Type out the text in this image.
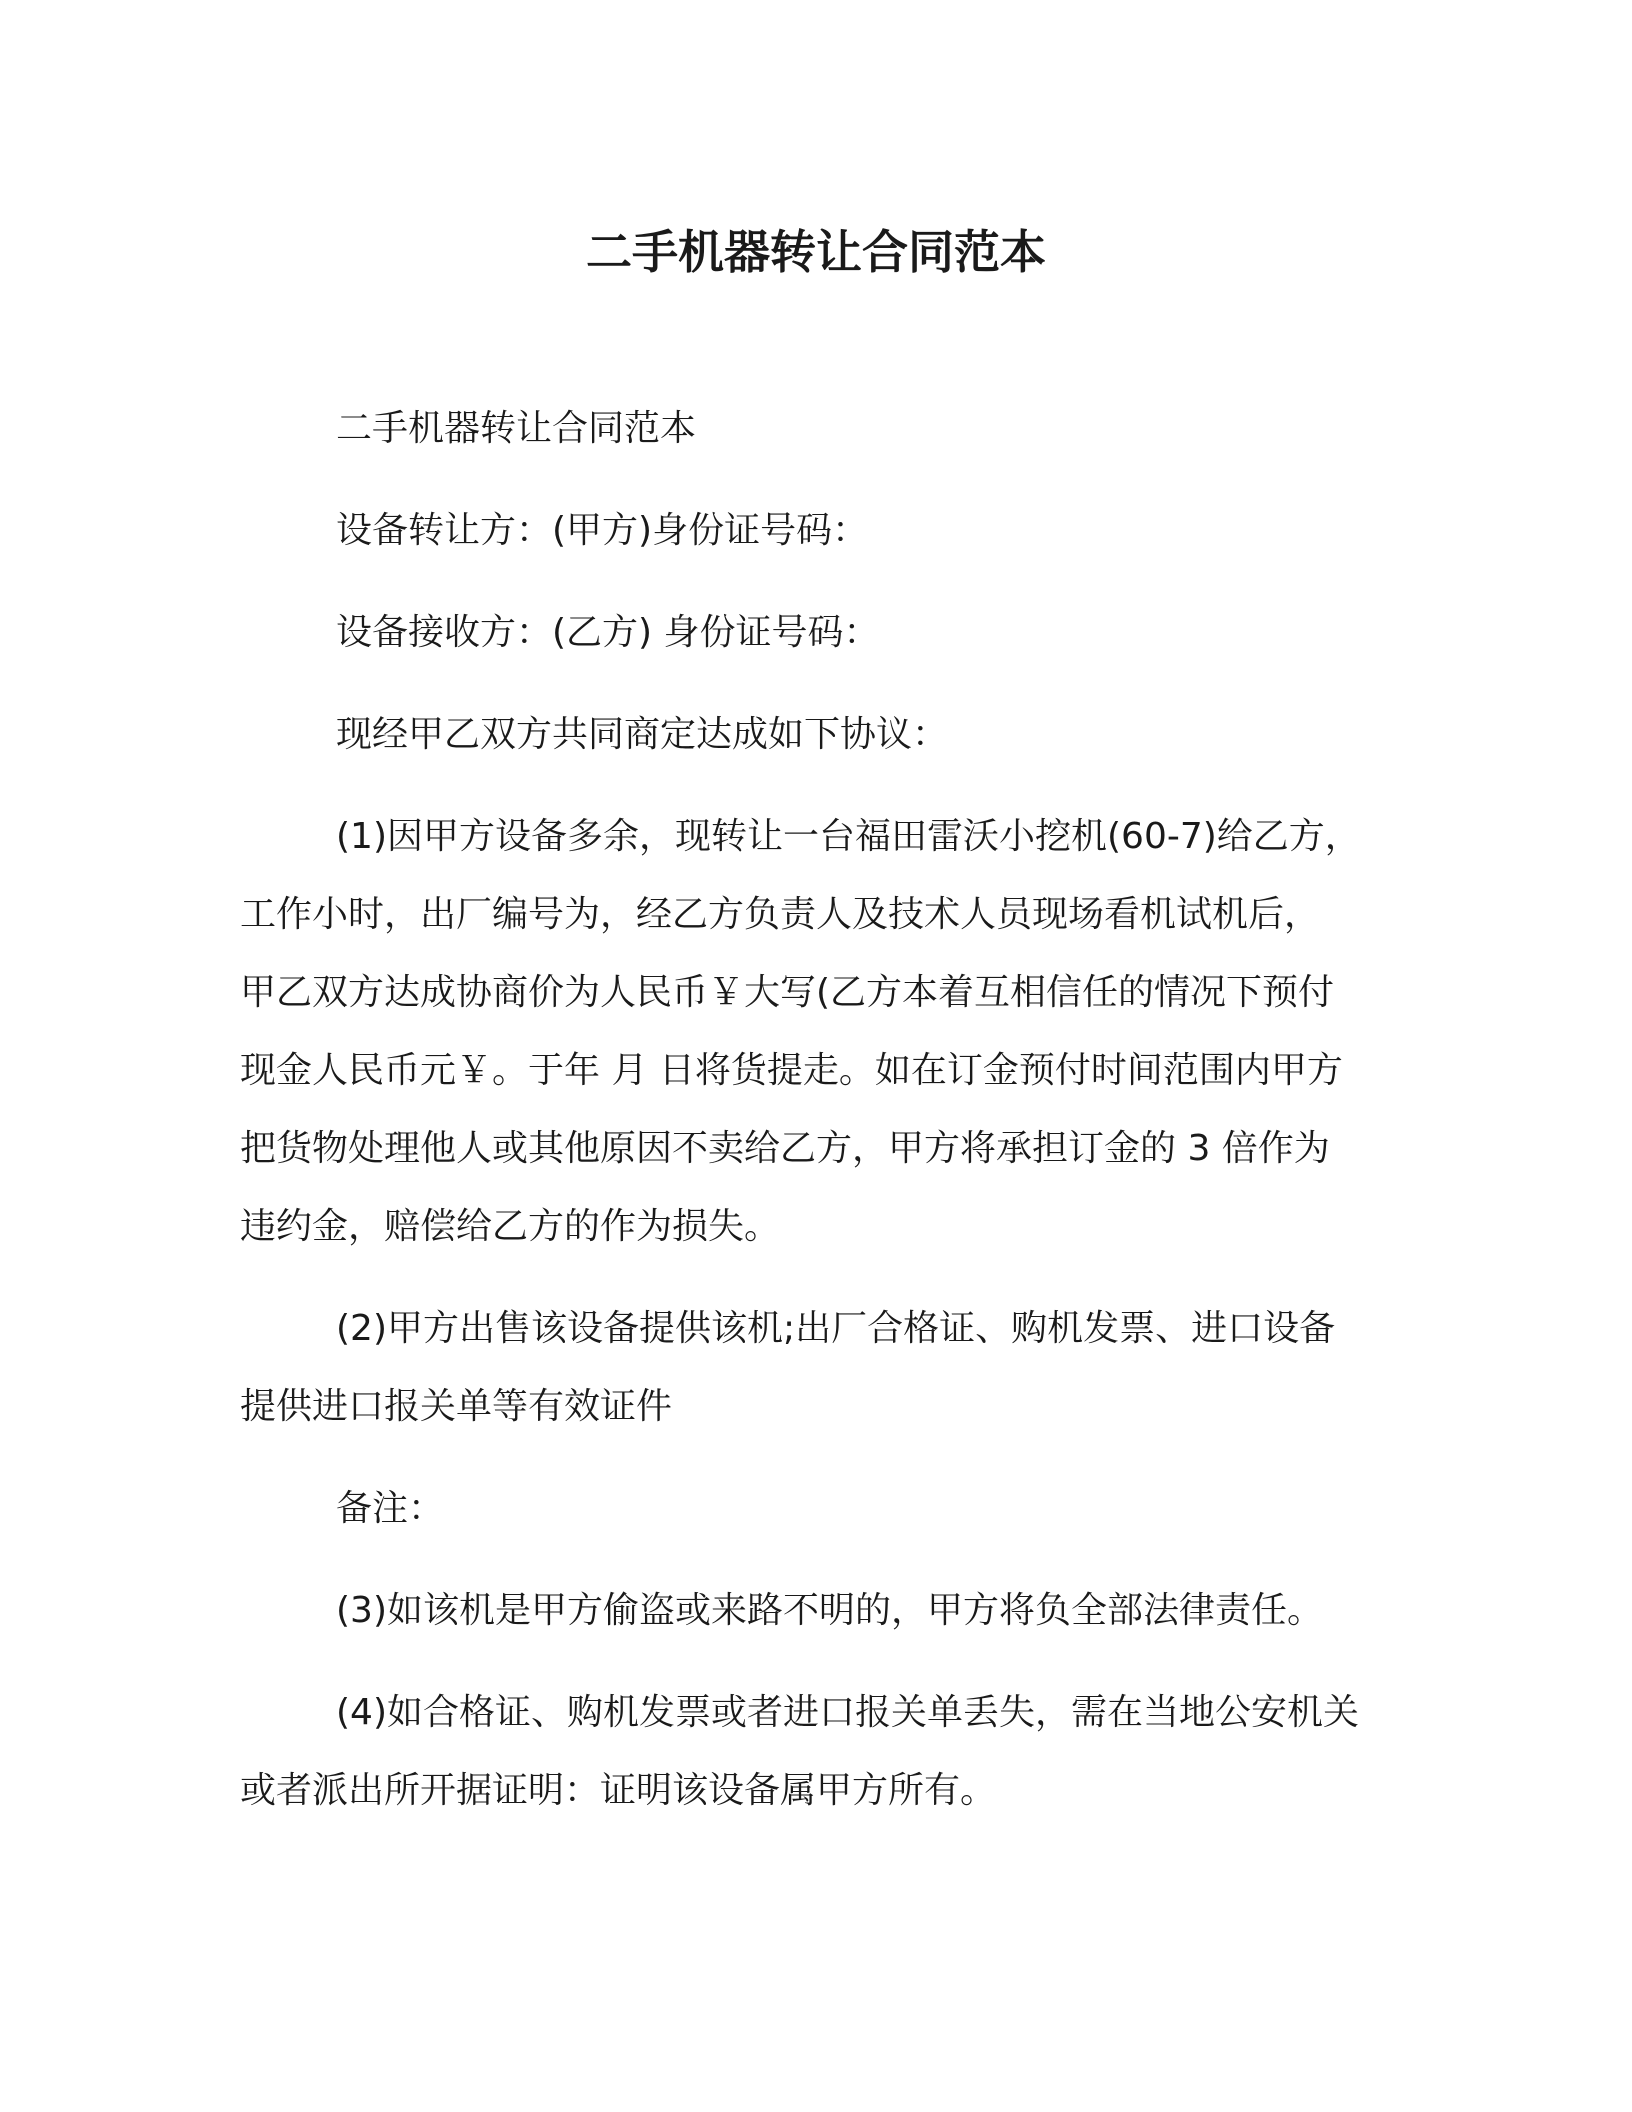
二手机器转让合同范本

二手机器转让合同范本

设备转让方：(甲方)身份证号码：

设备接收方：(乙方) 身份证号码：

现经甲乙双方共同商定达成如下协议：

(1)因甲方设备多余，现转让一台福田雷沃小挖机(60-7)给乙方，
工作小时，出厂编号为，经乙方负责人及技术人员现场看机试机后，
甲乙双方达成协商价为人民币￥大写(乙方本着互相信任的情况下预付
现金人民币元￥。于年 月 日将货提走。如在订金预付时间范围内甲方
把货物处理他人或其他原因不卖给乙方，甲方将承担订金的 3 倍作为
违约金，赔偿给乙方的作为损失。

(2)甲方出售该设备提供该机;出厂合格证、购机发票、进口设备
提供进口报关单等有效证件

备注：

(3)如该机是甲方偷盗或来路不明的，甲方将负全部法律责任。

(4)如合格证、购机发票或者进口报关单丢失，需在当地公安机关
或者派出所开据证明：证明该设备属甲方所有。
